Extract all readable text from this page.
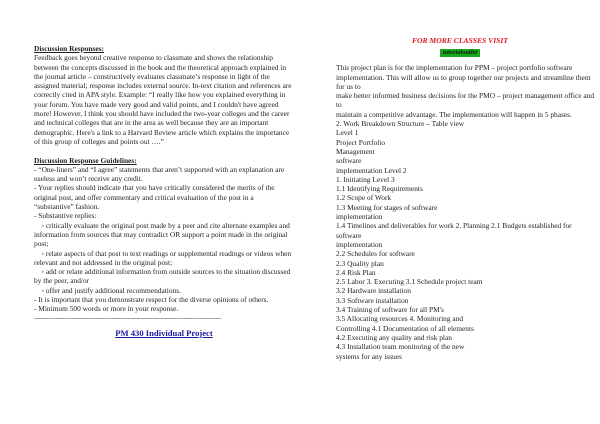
Discussion Responses:

Feedback goes beyond creative response to classmate and shows the relationship between the concepts discussed in the book and the theoretical approach explained in the journal article – constructively evaluates classmate’s response in light of the assigned material; response includes external source. In-text citation and references are correctly cited in APA style. Example: “I really like how you explained everything in your forum. You have made very good and valid points, and I couldn't have agreed more! However, I think you should have included the two-year colleges and the career and technical colleges that are in the area as well because they are an important demographic. Here's a link to a Harvard Review article which explains the importance of this group of colleges and points out ….”

Discussion Response Guidelines:

- “One-liners” and “I agree” statements that aren’t supported with an explanation are useless and won’t receive any credit.

- Your replies should indicate that you have critically considered the merits of the original post, and offer commentary and critical evaluation of the post in a “substantive” fashion.

- Substantive replies:

◦ critically evaluate the original post made by a peer and cite alternate examples and information from sources that may contradict OR support a point made in the original post;

◦ relate aspects of that post to text readings or supplemental readings or videos when relevant and not addressed in the original post;

◦ add or relate additional information from outside sources to the situation discussed by the peer, and/or

◦ offer and justify additional recommendations.

- It is important that you demonstrate respect for the diverse opinions of others.

- Minimum 500 words or more in your response.

--------------------------------------------------------------------------------------------------------
PM 430 Individual Project

FOR MORE CLASSES VISIT

tutorialoutlet

This project plan is for the implementation for PPM – project portfolio software

implementation. This will allow us to group together our projects and streamline them for us to

make better informed business decisions for the PMO – project management office and to

maintain a competitive advantage. The implementation will happen in 5 phases.

2. Work Breakdown Structure – Table view

Level 1

Project Portfolio

Management

software

implementation Level 2

1. Initiating Level 3

1.1 Identifying Requirements

1.2 Scope of Work

1.3 Meeting for stages of software

implementation

1.4 Timelines and deliverables for work 2. Planning 2.1 Budgets established for software

implementation

2.2 Schedules for software

2.3 Quality plan

2.4 Risk Plan

2.5 Labor 3. Executing 3.1 Schedule project team

3.2 Hardware installation

3.3 Software installation

3.4 Training of software for all PM's

3.5 Allocating resources 4. Monitoring and

Controlling 4.1 Documentation of all elements

4.2 Executing any quality and risk plan

4.3 Installation team monitoring of the new

systems for any issues
